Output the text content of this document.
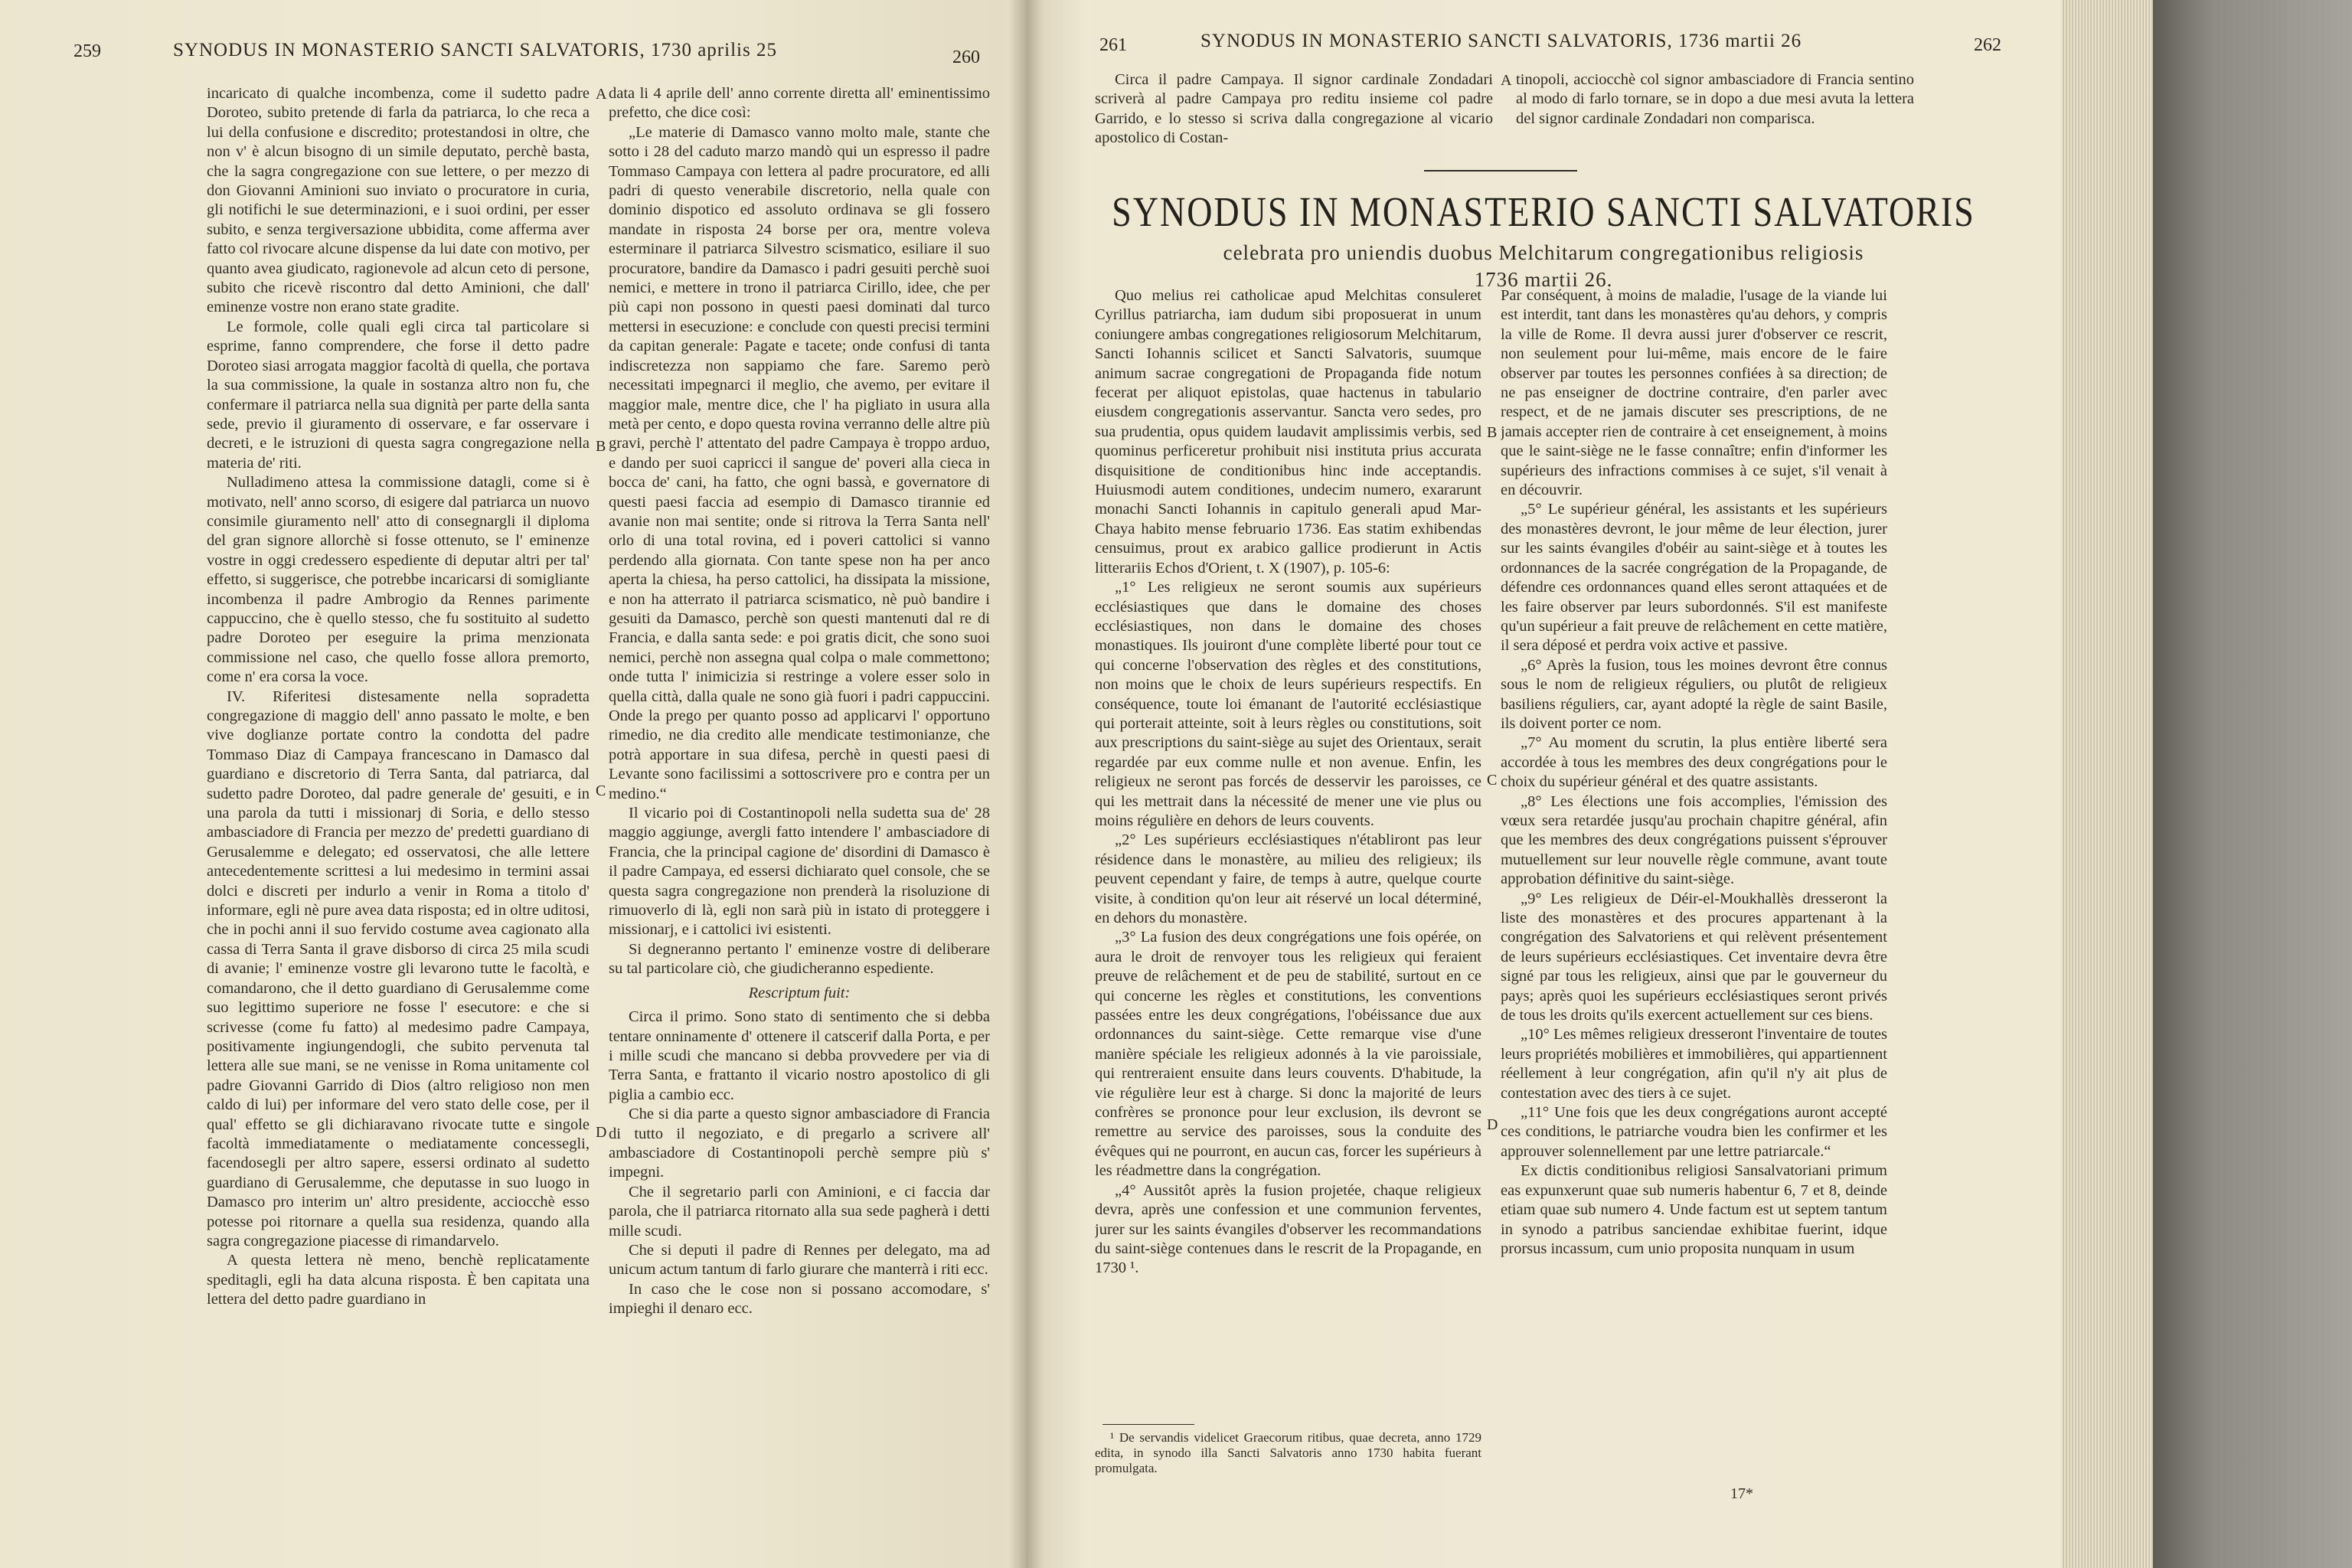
259	SYNODUS IN MONASTERIO SANCTI SALVATORIS, 1730 aprilis 25	260

incaricato di qualche incombenza, come il sudetto padre Doroteo, subito pretende di farla da patriarca, lo che reca a lui della confusione e discredito; protestandosi in oltre, che non v' è alcun bisogno di un simile deputato, perchè basta, che la sagra congregazione con sue lettere, o per mezzo di don Giovanni Aminioni suo inviato o procuratore in curia, gli notifichi le sue determinazioni, e i suoi ordini, per esser subito, e senza tergiversazione ubbidita, come afferma aver fatto col rivocare alcune dispense da lui date con motivo, per quanto avea giudicato, ragionevole ad alcun ceto di persone, subito che ricevè riscontro dal detto Aminioni, che dall' eminenze vostre non erano state gradite.

Le formole, colle quali egli circa tal particolare si esprime, fanno comprendere, che forse il detto padre Doroteo siasi arrogata maggior facoltà di quella, che portava la sua commissione, la quale in sostanza altro non fu, che confermare il patriarca nella sua dignità per parte della santa sede, previo il giuramento di osservare, e far osservare i decreti, e le istruzioni di questa sagra congregazione nella materia de' riti.

Nulladimeno attesa la commissione datagli, come si è motivato, nell' anno scorso, di esigere dal patriarca un nuovo consimile giuramento nell' atto di consegnargli il diploma del gran signore allorchè si fosse ottenuto, se l' eminenze vostre in oggi credessero espediente di deputar altri per tal' effetto, si suggerisce, che potrebbe incaricarsi di somigliante incombenza il padre Ambrogio da Rennes parimente cappuccino, che è quello stesso, che fu sostituito al sudetto padre Doroteo per eseguire la prima menzionata commissione nel caso, che quello fosse allora premorto, come n' era corsa la voce.

IV. Riferitesi distesamente nella sopradetta congregazione di maggio dell' anno passato le molte, e ben vive doglianze portate contro la condotta del padre Tommaso Diaz di Campaya francescano in Damasco dal guardiano e discretorio di Terra Santa, dal patriarca, dal sudetto padre Doroteo, dal padre generale de' gesuiti, e in una parola da tutti i missionarj di Soria, e dello stesso ambasciadore di Francia per mezzo de' predetti guardiano di Gerusalemme e delegato; ed osservatosi, che alle lettere antecedentemente scrittesi a lui medesimo in termini assai dolci e discreti per indurlo a venir in Roma a titolo d' informare, egli nè pure avea data risposta; ed in oltre uditosi, che in pochi anni il suo fervido costume avea cagionato alla cassa di Terra Santa il grave disborso di circa 25 mila scudi di avanie; l' eminenze vostre gli levarono tutte le facoltà, e comandarono, che il detto guardiano di Gerusalemme come suo legittimo superiore ne fosse l' esecutore: e che si scrivesse (come fu fatto) al medesimo padre Campaya, positivamente ingiungendogli, che subito pervenuta tal lettera alle sue mani, se ne venisse in Roma unitamente col padre Giovanni Garrido di Dios (altro religioso non men caldo di lui) per informare del vero stato delle cose, per il qual' effetto se gli dichiaravano rivocate tutte e singole facoltà immediatamente o mediatamente concessegli, facendosegli per altro sapere, essersi ordinato al sudetto guardiano di Gerusalemme, che deputasse in suo luogo in Damasco pro interim un' altro presidente, acciocchè esso potesse poi ritornare a quella sua residenza, quando alla sagra congregazione piacesse di rimandarvelo.

A questa lettera nè meno, benchè replicatamente speditagli, egli ha data alcuna risposta. È ben capitata una lettera del detto padre guardiano in

A
B
C
D

data li 4 aprile dell' anno corrente diretta all' eminentissimo prefetto, che dice così:

„Le materie di Damasco vanno molto male, stante che sotto i 28 del caduto marzo mandò qui un espresso il padre Tommaso Campaya con lettera al padre procuratore, ed alli padri di questo venerabile discretorio, nella quale con dominio dispotico ed assoluto ordinava se gli fossero mandate in risposta 24 borse per ora, mentre voleva esterminare il patriarca Silvestro scismatico, esiliare il suo procuratore, bandire da Damasco i padri gesuiti perchè suoi nemici, e mettere in trono il patriarca Cirillo, idee, che per più capi non possono in questi paesi dominati dal turco mettersi in esecuzione: e conclude con questi precisi termini da capitan generale: Pagate e tacete; onde confusi di tanta indiscretezza non sappiamo che fare. Saremo però necessitati impegnarci il meglio, che avemo, per evitare il maggior male, mentre dice, che l' ha pigliato in usura alla metà per cento, e dopo questa rovina verranno delle altre più gravi, perchè l' attentato del padre Campaya è troppo arduo, e dando per suoi capricci il sangue de' poveri alla cieca in bocca de' cani, ha fatto, che ogni bassà, e governatore di questi paesi faccia ad esempio di Damasco tirannie ed avanie non mai sentite; onde si ritrova la Terra Santa nell' orlo di una total rovina, ed i poveri cattolici si vanno perdendo alla giornata. Con tante spese non ha per anco aperta la chiesa, ha perso cattolici, ha dissipata la missione, e non ha atterrato il patriarca scismatico, nè può bandire i gesuiti da Damasco, perchè son questi mantenuti dal re di Francia, e dalla santa sede: e poi gratis dicit, che sono suoi nemici, perchè non assegna qual colpa o male commettono; onde tutta l' inimicizia si restringe a volere esser solo in quella città, dalla quale ne sono già fuori i padri cappuccini. Onde la prego per quanto posso ad applicarvi l' opportuno rimedio, ne dia credito alle mendicate testimonianze, che potrà apportare in sua difesa, perchè in questi paesi di Levante sono facilissimi a sottoscrivere pro e contra per un medino.“

Il vicario poi di Costantinopoli nella sudetta sua de' 28 maggio aggiunge, avergli fatto intendere l' ambasciadore di Francia, che la principal cagione de' disordini di Damasco è il padre Campaya, ed essersi dichiarato quel console, che se questa sagra congregazione non prenderà la risoluzione di rimuoverlo di là, egli non sarà più in istato di proteggere i missionarj, e i cattolici ivi esistenti.

Si degneranno pertanto l' eminenze vostre di deliberare su tal particolare ciò, che giudicheranno espediente.

Rescriptum fuit:

Circa il primo. Sono stato di sentimento che si debba tentare onninamente d' ottenere il catscerif dalla Porta, e per i mille scudi che mancano si debba provvedere per via di Terra Santa, e frattanto il vicario nostro apostolico di gli piglia a cambio ecc.

Che si dia parte a questo signor ambasciadore di Francia di tutto il negoziato, e di pregarlo a scrivere all' ambasciadore di Costantinopoli perchè sempre più s' impegni.

Che il segretario parli con Aminioni, e ci faccia dar parola, che il patriarca ritornato alla sua sede pagherà i detti mille scudi.

Che si deputi il padre di Rennes per delegato, ma ad unicum actum tantum di farlo giurare che manterrà i riti ecc.

In caso che le cose non si possano accomodare, s' impieghi il denaro ecc.

261	SYNODUS IN MONASTERIO SANCTI SALVATORIS, 1736 martii 26	262

Circa il padre Campaya. Il signor cardinale Zondadari scriverà al padre Campaya pro reditu insieme col padre Garrido, e lo stesso si scriva dalla congregazione al vicario apostolico di Costan-

A tinopoli, acciocchè col signor ambasciadore di Francia sentino al modo di farlo tornare, se in dopo a due mesi avuta la lettera del signor cardinale Zondadari non comparisca.

SYNODUS IN MONASTERIO SANCTI SALVATORIS
celebrata pro uniendis duobus Melchitarum congregationibus religiosis
1736 martii 26.

Quo melius rei catholicae apud Melchitas consuleret Cyrillus patriarcha, iam dudum sibi proposuerat in unum coniungere ambas congregationes religiosorum Melchitarum, Sancti Iohannis scilicet et Sancti Salvatoris, suumque animum sacrae congregationi de Propaganda fide notum fecerat per aliquot epistolas, quae hactenus in tabulario eiusdem congregationis asservantur. Sancta vero sedes, pro sua prudentia, opus quidem laudavit amplissimis verbis, sed quominus perficeretur prohibuit nisi instituta prius accurata disquisitione de conditionibus hinc inde acceptandis. Huiusmodi autem conditiones, undecim numero, exararunt monachi Sancti Iohannis in capitulo generali apud Mar-Chaya habito mense februario 1736. Eas statim exhibendas censuimus, prout ex arabico gallice prodierunt in Actis litterariis Echos d'Orient, t. X (1907), p. 105-6:

„1° Les religieux ne seront soumis aux supérieurs ecclésiastiques que dans le domaine des choses ecclésiastiques, non dans le domaine des choses monastiques. Ils jouiront d'une complète liberté pour tout ce qui concerne l'observation des règles et des constitutions, non moins que le choix de leurs supérieurs respectifs. En conséquence, toute loi émanant de l'autorité ecclésiastique qui porterait atteinte, soit à leurs règles ou constitutions, soit aux prescriptions du saint-siège au sujet des Orientaux, serait regardée par eux comme nulle et non avenue. Enfin, les religieux ne seront pas forcés de desservir les paroisses, ce qui les mettrait dans la nécessité de mener une vie plus ou moins régulière en dehors de leurs couvents.

„2° Les supérieurs ecclésiastiques n'établiront pas leur résidence dans le monastère, au milieu des religieux; ils peuvent cependant y faire, de temps à autre, quelque courte visite, à condition qu'on leur ait réservé un local déterminé, en dehors du monastère.

„3° La fusion des deux congrégations une fois opérée, on aura le droit de renvoyer tous les religieux qui feraient preuve de relâchement et de peu de stabilité, surtout en ce qui concerne les règles et constitutions, les conventions passées entre les deux congrégations, l'obéissance due aux ordonnances du saint-siège. Cette remarque vise d'une manière spéciale les religieux adonnés à la vie paroissiale, qui rentreraient ensuite dans leurs couvents. D'habitude, la vie régulière leur est à charge. Si donc la majorité de leurs confrères se prononce pour leur exclusion, ils devront se remettre au service des paroisses, sous la conduite des évêques qui ne pourront, en aucun cas, forcer les supérieurs à les réadmettre dans la congrégation.

„4° Aussitôt après la fusion projetée, chaque religieux devra, après une confession et une communion ferventes, jurer sur les saints évangiles d'observer les recommandations du saint-siège contenues dans le rescrit de la Propagande, en 1730 ¹.

B
C
D

Par conséquent, à moins de maladie, l'usage de la viande lui est interdit, tant dans les monastères qu'au dehors, y compris la ville de Rome. Il devra aussi jurer d'observer ce rescrit, non seulement pour lui-même, mais encore de le faire observer par toutes les personnes confiées à sa direction; de ne pas enseigner de doctrine contraire, d'en parler avec respect, et de ne jamais discuter ses prescriptions, de ne jamais accepter rien de contraire à cet enseignement, à moins que le saint-siège ne le fasse connaître; enfin d'informer les supérieurs des infractions commises à ce sujet, s'il venait à en découvrir.

„5° Le supérieur général, les assistants et les supérieurs des monastères devront, le jour même de leur élection, jurer sur les saints évangiles d'obéir au saint-siège et à toutes les ordonnances de la sacrée congrégation de la Propagande, de défendre ces ordonnances quand elles seront attaquées et de les faire observer par leurs subordonnés. S'il est manifeste qu'un supérieur a fait preuve de relâchement en cette matière, il sera déposé et perdra voix active et passive.

„6° Après la fusion, tous les moines devront être connus sous le nom de religieux réguliers, ou plutôt de religieux basiliens réguliers, car, ayant adopté la règle de saint Basile, ils doivent porter ce nom.

„7° Au moment du scrutin, la plus entière liberté sera accordée à tous les membres des deux congrégations pour le choix du supérieur général et des quatre assistants.

„8° Les élections une fois accomplies, l'émission des vœux sera retardée jusqu'au prochain chapitre général, afin que les membres des deux congrégations puissent s'éprouver mutuellement sur leur nouvelle règle commune, avant toute approbation définitive du saint-siège.

„9° Les religieux de Déir-el-Moukhallès dresseront la liste des monastères et des procures appartenant à la congrégation des Salvatoriens et qui relèvent présentement de leurs supérieurs ecclésiastiques. Cet inventaire devra être signé par tous les religieux, ainsi que par le gouverneur du pays; après quoi les supérieurs ecclésiastiques seront privés de tous les droits qu'ils exercent actuellement sur ces biens.

„10° Les mêmes religieux dresseront l'inventaire de toutes leurs propriétés mobilières et immobilières, qui appartiennent réellement à leur congrégation, afin qu'il n'y ait plus de contestation avec des tiers à ce sujet.

„11° Une fois que les deux congrégations auront accepté ces conditions, le patriarche voudra bien les confirmer et les approuver solennellement par une lettre patriarcale.“

Ex dictis conditionibus religiosi Sansalvatoriani primum eas expunxerunt quae sub numeris habentur 6, 7 et 8, deinde etiam quae sub numero 4. Unde factum est ut septem tantum in synodo a patribus sanciendae exhibitae fuerint, idque prorsus incassum, cum unio proposita nunquam in usum

¹ De servandis videlicet Graecorum ritibus, quae decreta, anno 1729 edita, in synodo illa Sancti Salvatoris anno 1730 habita fuerant promulgata.
17*
